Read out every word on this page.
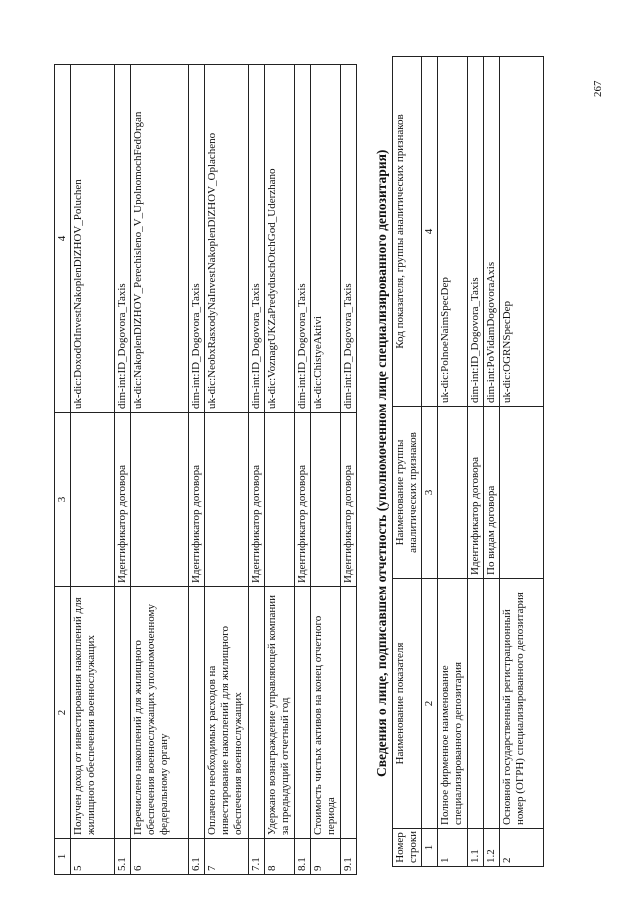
1	2	3	4
5	Получен доход от инвестирования накоплений для жилищного обеспечения военнослужащих		uk-dic:DoxodOtInvestNakoplenDlZHOV_Poluchen
5.1		Идентификатор договора	dim-int:ID_Dogovora_Taxis
6	Перечислено накоплений для жилищного обеспечения военнослужащих уполномоченному федеральному органу		uk-dic:NakoplenDlZHOV_Perechisleno_V_UpolnomochFedOrgan
6.1		Идентификатор договора	dim-int:ID_Dogovora_Taxis
7	Оплачено необходимых расходов на инвестирование накоплений для жилищного обеспечения военнослужащих		uk-dic:NeobxRasxodyNaInvestNakoplenDlZHOV_Oplacheno
7.1		Идентификатор договора	dim-int:ID_Dogovora_Taxis
8	Удержано вознаграждение управляющей компании за предыдущий отчетный год		uk-dic:VoznagrUKZaPredyduschOtchGod_Uderzhano
8.1		Идентификатор договора	dim-int:ID_Dogovora_Taxis
9	Стоимость чистых активов на конец отчетного периода		uk-dic:ChistyeAktivi
9.1		Идентификатор договора	dim-int:ID_Dogovora_Taxis Сведения о лице, подписавшем отчетность (уполномоченном лице специализированного депозитария)
Номер строки	Наименование показателя	Наименование группы аналитических признаков	Код показателя, группы аналитических признаков
1	2	3	4
1	Полное фирменное наименование специализированного депозитария		uk-dic:PolnoeNaimSpecDep
1.1		Идентификатор договора	dim-int:ID_Dogovora_Taxis
1.2		По видам договора	dim-int:PoVidamDogovoraAxis
2	Основной государственный регистрационный номер (ОГРН) специализированного депозитария		uk-dic:OGRNSpecDep
267
